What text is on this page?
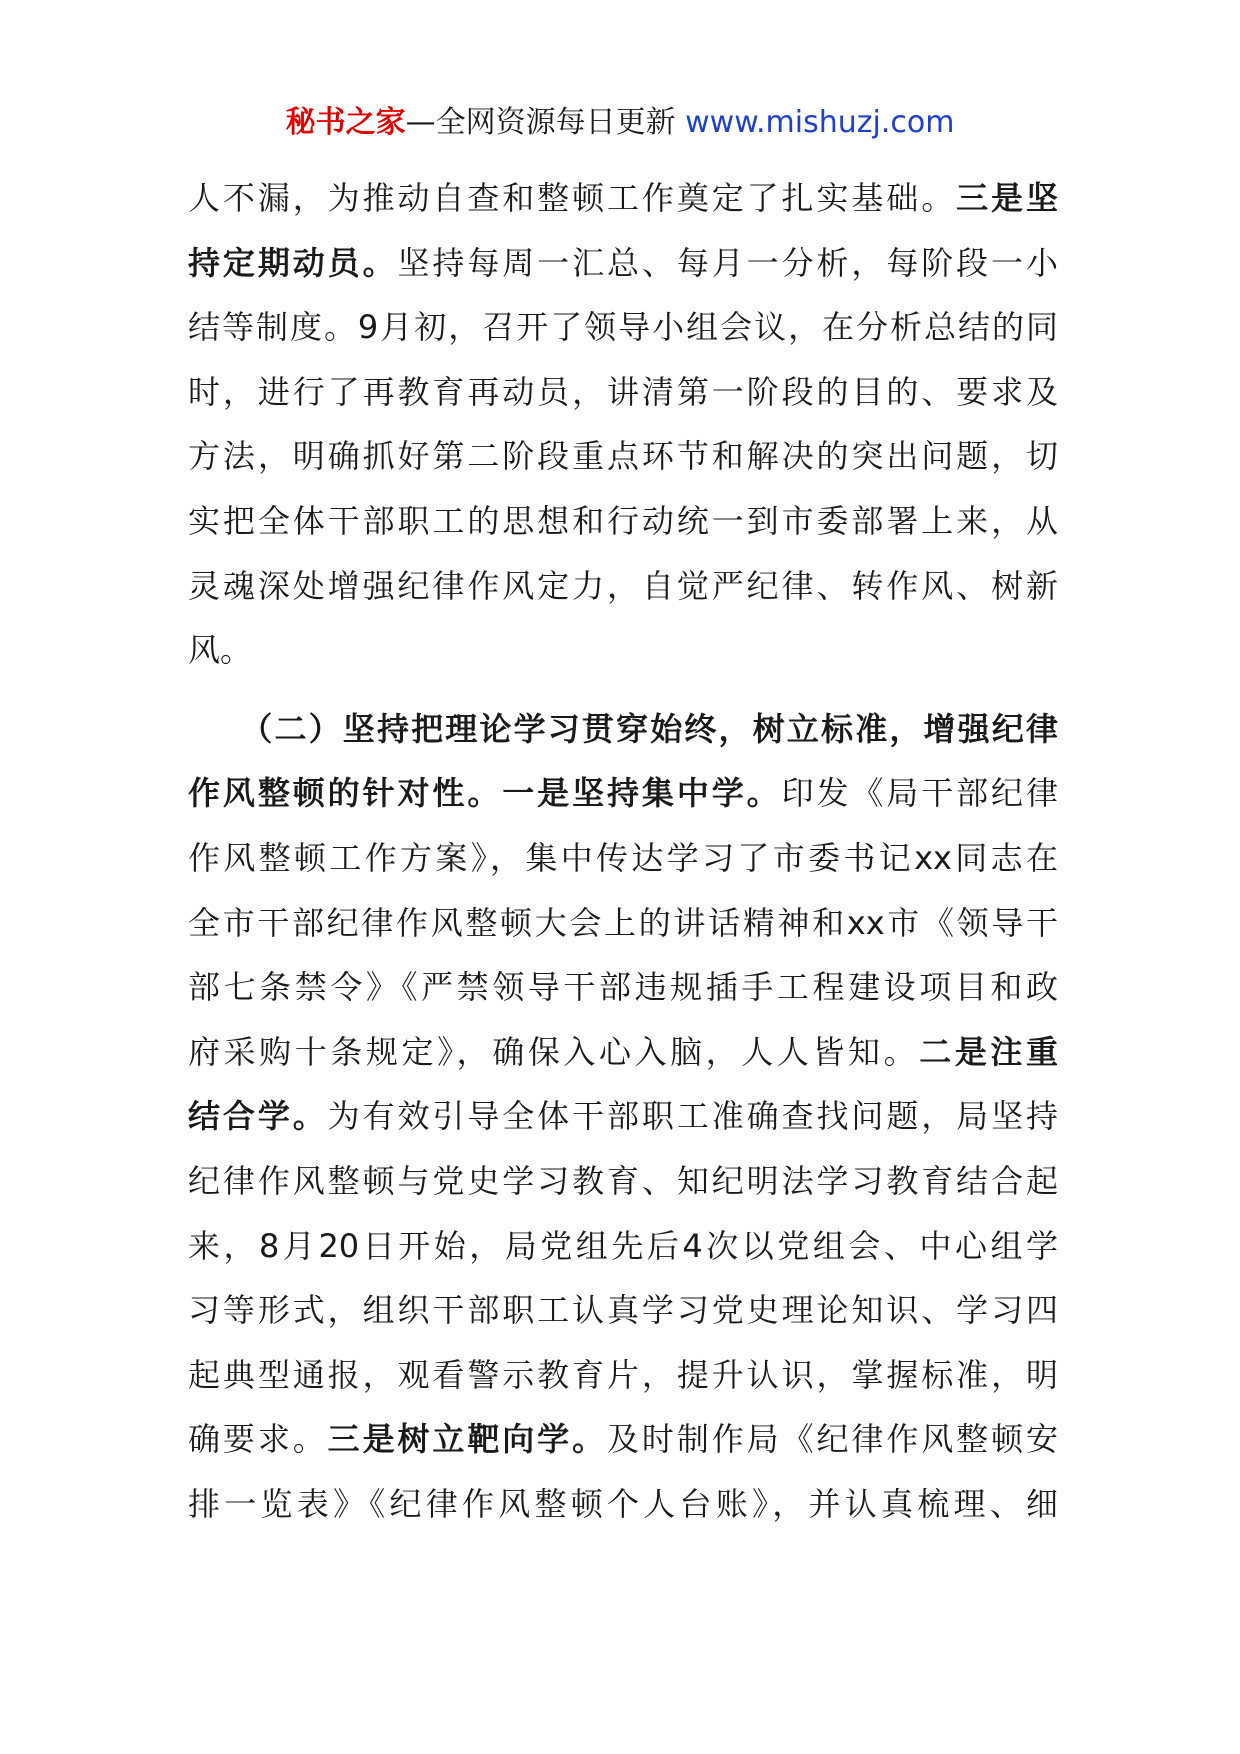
秘书之家—全网资源每日更新 www.mishuzj.com
人不漏，为推动自查和整顿工作奠定了扎实基础。三是坚
持定期动员。坚持每周一汇总、每月一分析，每阶段一小
结等制度。9月初，召开了领导小组会议，在分析总结的同
时，进行了再教育再动员，讲清第一阶段的目的、要求及
方法，明确抓好第二阶段重点环节和解决的突出问题，切
实把全体干部职工的思想和行动统一到市委部署上来，从
灵魂深处增强纪律作风定力，自觉严纪律、转作风、树新
风。
　　（二）坚持把理论学习贯穿始终，树立标准，增强纪律
作风整顿的针对性。一是坚持集中学。印发《局干部纪律
作风整顿工作方案》，集中传达学习了市委书记xx同志在
全市干部纪律作风整顿大会上的讲话精神和xx市《领导干
部七条禁令》《严禁领导干部违规插手工程建设项目和政
府采购十条规定》，确保入心入脑，人人皆知。二是注重
结合学。为有效引导全体干部职工准确查找问题，局坚持
纪律作风整顿与党史学习教育、知纪明法学习教育结合起
来，8月20日开始，局党组先后4次以党组会、中心组学
习等形式，组织干部职工认真学习党史理论知识、学习四
起典型通报，观看警示教育片，提升认识，掌握标准，明
确要求。三是树立靶向学。及时制作局《纪律作风整顿安
排一览表》《纪律作风整顿个人台账》，并认真梳理、细
